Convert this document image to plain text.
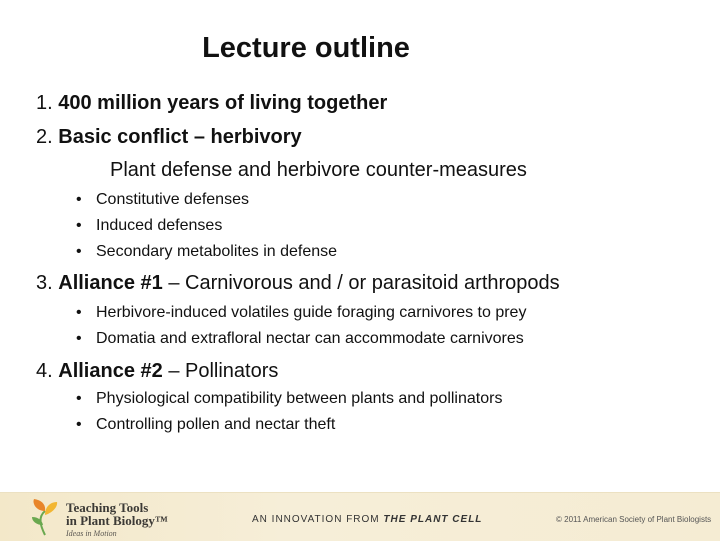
Lecture outline
1. 400 million years of living together
2. Basic conflict – herbivory
Plant defense and herbivore counter-measures
• Constitutive defenses
• Induced defenses
• Secondary metabolites in defense
3. Alliance #1 – Carnivorous and / or parasitoid arthropods
• Herbivore-induced volatiles guide foraging carnivores to prey
• Domatia and extrafloral nectar can accommodate carnivores
4. Alliance #2 – Pollinators
• Physiological compatibility between plants and pollinators
• Controlling pollen and nectar theft
Teaching Tools
in Plant Biology™
Ideas in Motion
AN INNOVATION FROM THE PLANT CELL	© 2011 American Society of Plant Biologists
